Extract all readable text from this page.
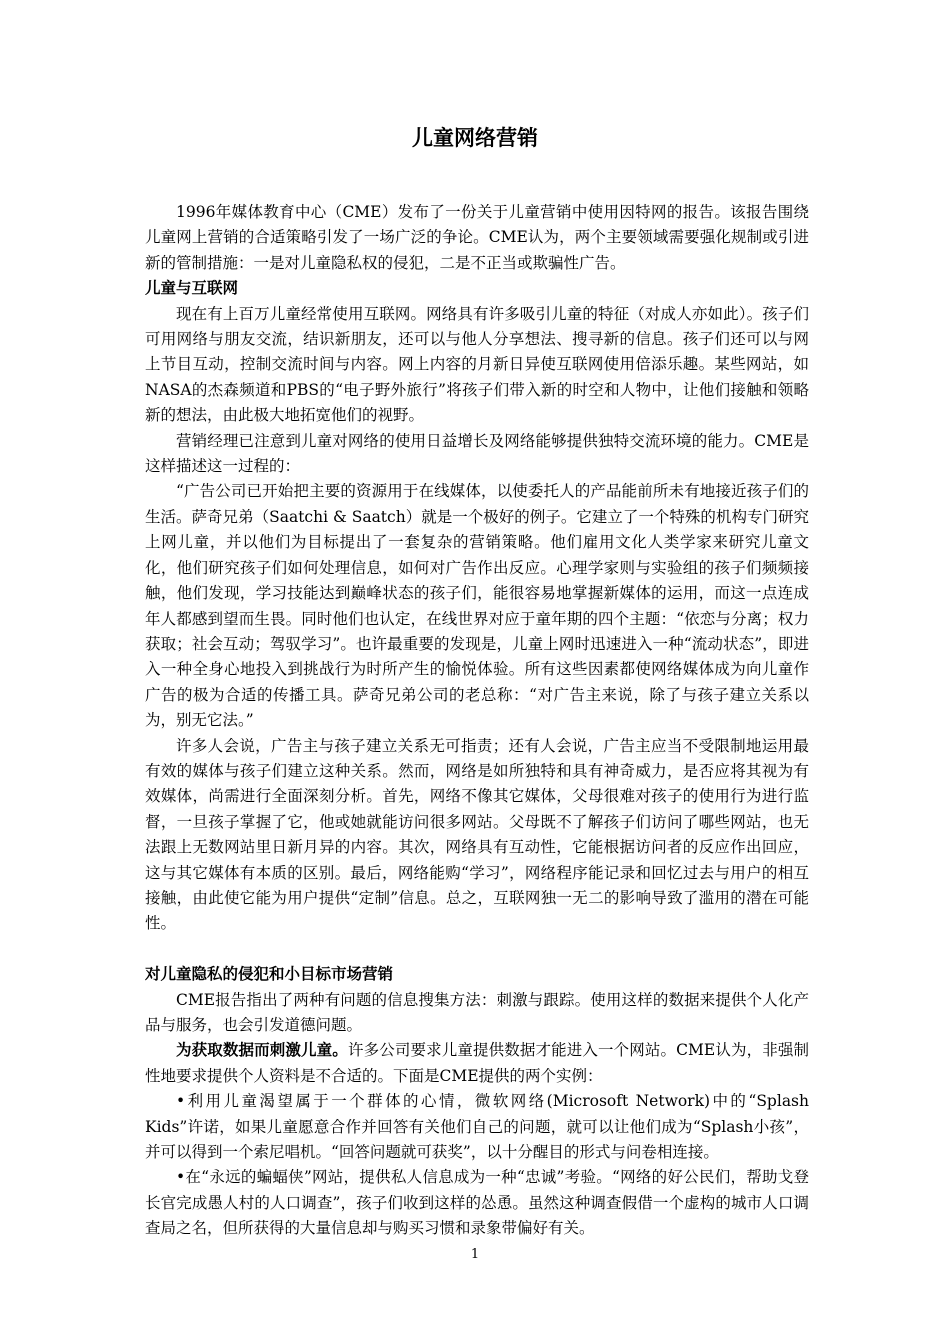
儿童网络营销

1996年媒体教育中心（CME）发布了一份关于儿童营销中使用因特网的报告。该报告围绕儿童网上营销的合适策略引发了一场广泛的争论。CME认为，两个主要领域需要强化规制或引进新的管制措施：一是对儿童隐私权的侵犯，二是不正当或欺骗性广告。

儿童与互联网

现在有上百万儿童经常使用互联网。网络具有许多吸引儿童的特征（对成人亦如此）。孩子们可用网络与朋友交流，结识新朋友，还可以与他人分享想法、搜寻新的信息。孩子们还可以与网上节目互动，控制交流时间与内容。网上内容的月新日异使互联网使用倍添乐趣。某些网站，如NASA的杰森频道和PBS的“电子野外旅行”将孩子们带入新的时空和人物中，让他们接触和领略新的想法，由此极大地拓宽他们的视野。

营销经理已注意到儿童对网络的使用日益增长及网络能够提供独特交流环境的能力。CME是这样描述这一过程的：

“广告公司已开始把主要的资源用于在线媒体，以使委托人的产品能前所未有地接近孩子们的生活。萨奇兄弟（Saatchi & Saatch）就是一个极好的例子。它建立了一个特殊的机构专门研究上网儿童，并以他们为目标提出了一套复杂的营销策略。他们雇用文化人类学家来研究儿童文化，他们研究孩子们如何处理信息，如何对广告作出反应。心理学家则与实验组的孩子们频频接触，他们发现，学习技能达到巅峰状态的孩子们，能很容易地掌握新媒体的运用，而这一点连成年人都感到望而生畏。同时他们也认定，在线世界对应于童年期的四个主题：“依恋与分离；权力获取；社会互动；驾驭学习”。也许最重要的发现是，儿童上网时迅速进入一种“流动状态”，即进入一种全身心地投入到挑战行为时所产生的愉悦体验。所有这些因素都使网络媒体成为向儿童作广告的极为合适的传播工具。萨奇兄弟公司的老总称：“对广告主来说，除了与孩子建立关系以为，别无它法。”

许多人会说，广告主与孩子建立关系无可指责；还有人会说，广告主应当不受限制地运用最有效的媒体与孩子们建立这种关系。然而，网络是如所独特和具有神奇威力，是否应将其视为有效媒体，尚需进行全面深刻分析。首先，网络不像其它媒体，父母很难对孩子的使用行为进行监督，一旦孩子掌握了它，他或她就能访问很多网站。父母既不了解孩子们访问了哪些网站，也无法跟上无数网站里日新月异的内容。其次，网络具有互动性，它能根据访问者的反应作出回应，这与其它媒体有本质的区别。最后，网络能购“学习”，网络程序能记录和回忆过去与用户的相互接触，由此使它能为用户提供“定制”信息。总之，互联网独一无二的影响导致了滥用的潜在可能性。

对儿童隐私的侵犯和小目标市场营销

CME报告指出了两种有问题的信息搜集方法：刺激与跟踪。使用这样的数据来提供个人化产品与服务，也会引发道德问题。

为获取数据而刺激儿童。许多公司要求儿童提供数据才能进入一个网站。CME认为，非强制性地要求提供个人资料是不合适的。下面是CME提供的两个实例：

•利用儿童渴望属于一个群体的心情，微软网络(Microsoft Network)中的“Splash Kids”许诺，如果儿童愿意合作并回答有关他们自己的问题，就可以让他们成为“Splash小孩”，并可以得到一个索尼唱机。“回答问题就可获奖”，以十分醒目的形式与问卷相连接。

•在“永远的蝙蝠侠”网站，提供私人信息成为一种“忠诚”考验。“网络的好公民们，帮助戈登长官完成愚人村的人口调查”，孩子们收到这样的怂恿。虽然这种调查假借一个虚构的城市人口调查局之名，但所获得的大量信息却与购买习惯和录象带偏好有关。

1
